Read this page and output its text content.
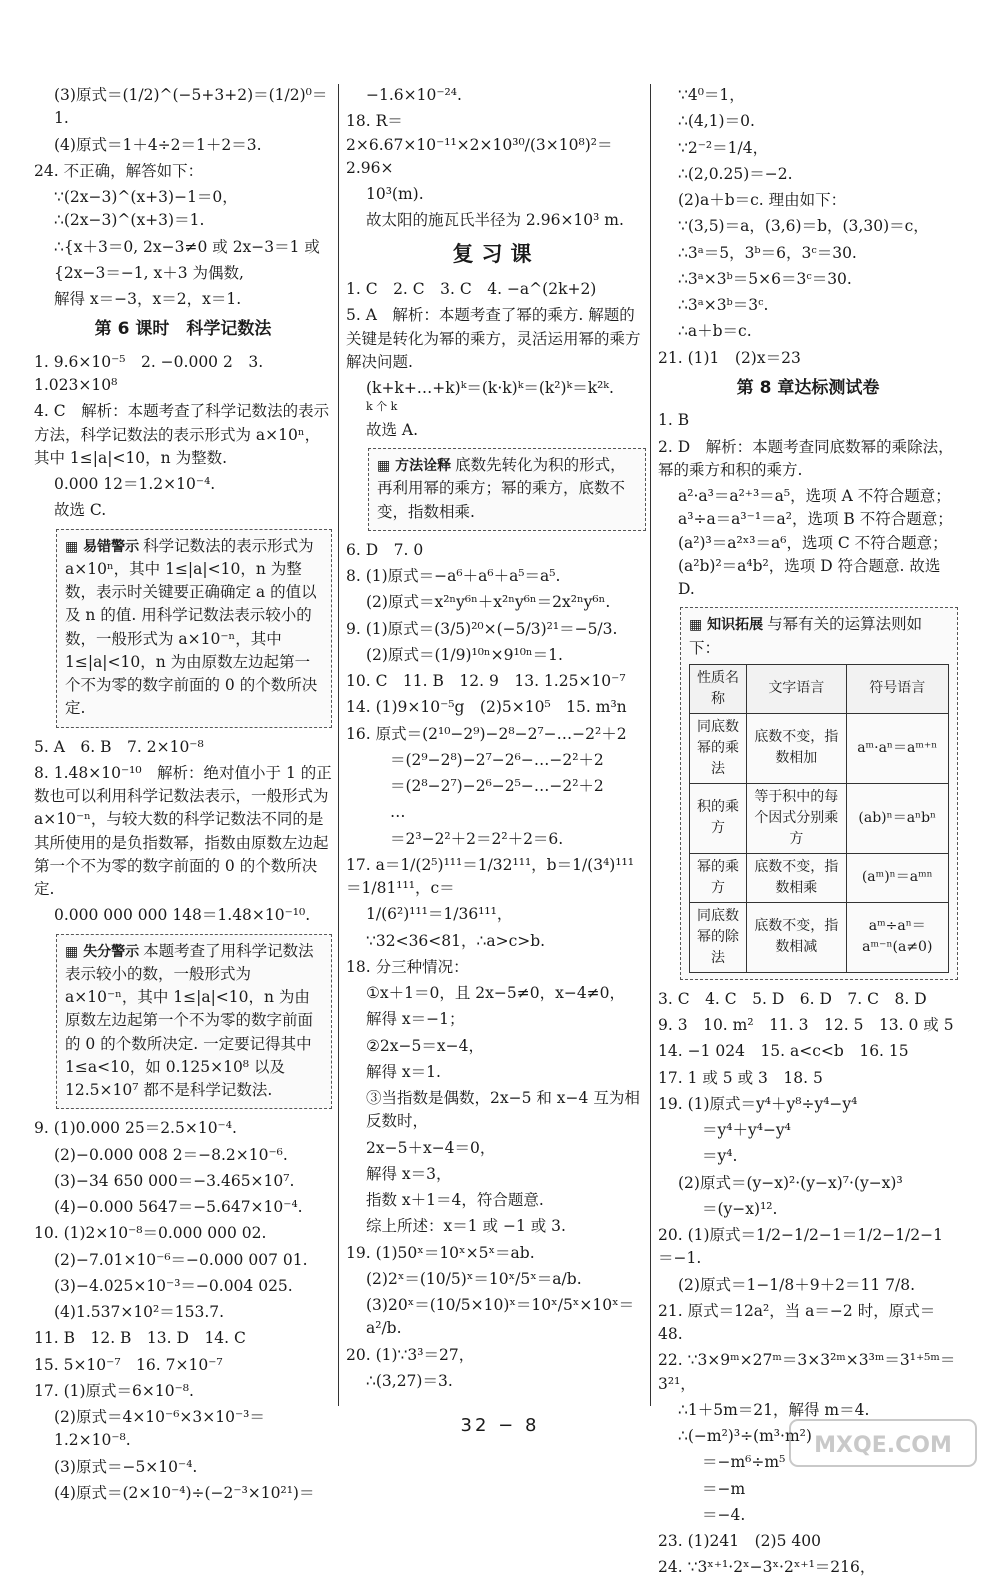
(3)原式＝(1/2)^(−5+3+2)＝(1/2)⁰＝1.
(4)原式＝1＋4÷2＝1＋2＝3.
24. 不正确，解答如下：
∵(2x−3)^(x+3)−1＝0，∴(2x−3)^(x+3)＝1.
∴{x＋3＝0, 2x−3≠0 或 2x−3＝1 或
{2x−3＝−1, x＋3 为偶数,
解得 x＝−3，x＝2，x＝1.
第 6 课时　科学记数法
1. 9.6×10⁻⁵　2. −0.000 2　3. 1.023×10⁸
4. C　解析：本题考查了科学记数法的表示方法，科学记数法的表示形式为 a×10ⁿ，其中 1≤|a|<10，n 为整数.
0.000 12＝1.2×10⁻⁴.
故选 C.
▦ 易错警示 科学记数法的表示形式为 a×10ⁿ，其中 1≤|a|<10，n 为整数，表示时关键要正确确定 a 的值以及 n 的值. 用科学记数法表示较小的数，一般形式为 a×10⁻ⁿ，其中 1≤|a|<10，n 为由原数左边起第一个不为零的数字前面的 0 的个数所决定.
5. A　6. B　7. 2×10⁻⁸
8. 1.48×10⁻¹⁰　解析：绝对值小于 1 的正数也可以利用科学记数法表示，一般形式为 a×10⁻ⁿ，与较大数的科学记数法不同的是其所使用的是负指数幂，指数由原数左边起第一个不为零的数字前面的 0 的个数所决定.
0.000 000 000 148＝1.48×10⁻¹⁰.
▦ 失分警示 本题考查了用科学记数法表示较小的数，一般形式为 a×10⁻ⁿ，其中 1≤|a|<10，n 为由原数左边起第一个不为零的数字前面的 0 的个数所决定. 一定要记得其中 1≤a<10，如 0.125×10⁸ 以及 12.5×10⁷ 都不是科学记数法.
9. (1)0.000 25＝2.5×10⁻⁴.
(2)−0.000 008 2＝−8.2×10⁻⁶.
(3)−34 650 000＝−3.465×10⁷.
(4)−0.000 5647＝−5.647×10⁻⁴.
10. (1)2×10⁻⁸＝0.000 000 02.
(2)−7.01×10⁻⁶＝−0.000 007 01.
(3)−4.025×10⁻³＝−0.004 025.
(4)1.537×10²＝153.7.
11. B　12. B　13. D　14. C
15. 5×10⁻⁷　16. 7×10⁻⁷
17. (1)原式＝6×10⁻⁸.
(2)原式＝4×10⁻⁶×3×10⁻³＝1.2×10⁻⁸.
(3)原式＝−5×10⁻⁴.
(4)原式＝(2×10⁻⁴)÷(−2⁻³×10²¹)＝
−1.6×10⁻²⁴.
18. R＝2×6.67×10⁻¹¹×2×10³⁰/(3×10⁸)²＝2.96×
10³(m).
故太阳的施瓦氏半径为 2.96×10³ m.
复习课
1. C　2. C　3. C　4. −a^(2k+2)
5. A　解析：本题考查了幂的乘方. 解题的关键是转化为幂的乘方，灵活运用幂的乘方解决问题.
(k+k+…+k)ᵏ＝(k·k)ᵏ＝(k²)ᵏ＝k²ᵏ.
k 个 k
故选 A.
▦ 方法诠释 底数先转化为积的形式，再利用幂的乘方；幂的乘方，底数不变，指数相乘.
6. D　7. 0
8. (1)原式＝−a⁶＋a⁶＋a⁵＝a⁵.
(2)原式＝x²ⁿy⁶ⁿ＋x²ⁿy⁶ⁿ＝2x²ⁿy⁶ⁿ.
9. (1)原式＝(3/5)²⁰×(−5/3)²¹＝−5/3.
(2)原式＝(1/9)¹⁰ⁿ×9¹⁰ⁿ＝1.
10. C　11. B　12. 9　13. 1.25×10⁻⁷
14. (1)9×10⁻⁵g　(2)5×10⁵　15. m³n
16. 原式＝(2¹⁰−2⁹)−2⁸−2⁷−…−2²＋2
＝(2⁹−2⁸)−2⁷−2⁶−…−2²＋2
＝(2⁸−2⁷)−2⁶−2⁵−…−2²＋2
…
＝2³−2²＋2＝2²＋2＝6.
17. a＝1/(2⁵)¹¹¹＝1/32¹¹¹，b＝1/(3⁴)¹¹¹＝1/81¹¹¹，c＝
1/(6²)¹¹¹＝1/36¹¹¹，
∵32<36<81，∴a>c>b.
18. 分三种情况：
①x＋1＝0，且 2x−5≠0，x−4≠0，
解得 x＝−1；
②2x−5＝x−4，
解得 x＝1.
③当指数是偶数，2x−5 和 x−4 互为相反数时，
2x−5＋x−4＝0，
解得 x＝3，
指数 x＋1＝4，符合题意.
综上所述：x＝1 或 −1 或 3.
19. (1)50ˣ＝10ˣ×5ˣ＝ab.
(2)2ˣ＝(10/5)ˣ＝10ˣ/5ˣ＝a/b.
(3)20ˣ＝(10/5×10)ˣ＝10ˣ/5ˣ×10ˣ＝a²/b.
20. (1)∵3³＝27，
∴(3,27)＝3.
∵4⁰＝1，
∴(4,1)＝0.
∵2⁻²＝1/4，
∴(2,0.25)＝−2.
(2)a＋b＝c. 理由如下：
∵(3,5)＝a，(3,6)＝b，(3,30)＝c，
∴3ᵃ＝5，3ᵇ＝6，3ᶜ＝30.
∴3ᵃ×3ᵇ＝5×6＝3ᶜ＝30.
∴3ᵃ×3ᵇ＝3ᶜ.
∴a＋b＝c.
21. (1)1　(2)x＝23
第 8 章达标测试卷
1. B
2. D　解析：本题考查同底数幂的乘除法，幂的乘方和积的乘方.
a²·a³＝a²⁺³＝a⁵，选项 A 不符合题意；a³÷a＝a³⁻¹＝a²，选项 B 不符合题意；(a²)³＝a²ˣ³＝a⁶，选项 C 不符合题意；(a²b)²＝a⁴b²，选项 D 符合题意. 故选 D.
▦ 知识拓展 与幂有关的运算法则如下：
性质名称	文字语言	符号语言
同底数幂的乘法	底数不变，指数相加	aᵐ·aⁿ＝aᵐ⁺ⁿ
积的乘方	等于积中的每个因式分别乘方	(ab)ⁿ＝aⁿbⁿ
幂的乘方	底数不变，指数相乘	(aᵐ)ⁿ＝aᵐⁿ
同底数幂的除法	底数不变，指数相减	aᵐ÷aⁿ＝aᵐ⁻ⁿ(a≠0)
3. C　4. C　5. D　6. D　7. C　8. D
9. 3　10. m²　11. 3　12. 5　13. 0 或 5
14. −1 024　15. a<c<b　16. 15
17. 1 或 5 或 3　18. 5
19. (1)原式＝y⁴＋y⁸÷y⁴−y⁴
＝y⁴＋y⁴−y⁴
＝y⁴.
(2)原式＝(y−x)²·(y−x)⁷·(y−x)³
＝(y−x)¹².
20. (1)原式＝1/2−1/2−1＝1/2−1/2−1＝−1.
(2)原式＝1−1/8＋9＋2＝11 7/8.
21. 原式＝12a²，当 a＝−2 时，原式＝48.
22. ∵3×9ᵐ×27ᵐ＝3×3²ᵐ×3³ᵐ＝3¹⁺⁵ᵐ＝3²¹，
∴1＋5m＝21，解得 m＝4.
∴(−m²)³÷(m³·m²)
＝−m⁶÷m⁵
＝−m
＝−4.
23. (1)241　(2)5 400
24. ∵3ˣ⁺¹·2ˣ−3ˣ·2ˣ⁺¹＝216，
32 − 8
MXQE.COM
